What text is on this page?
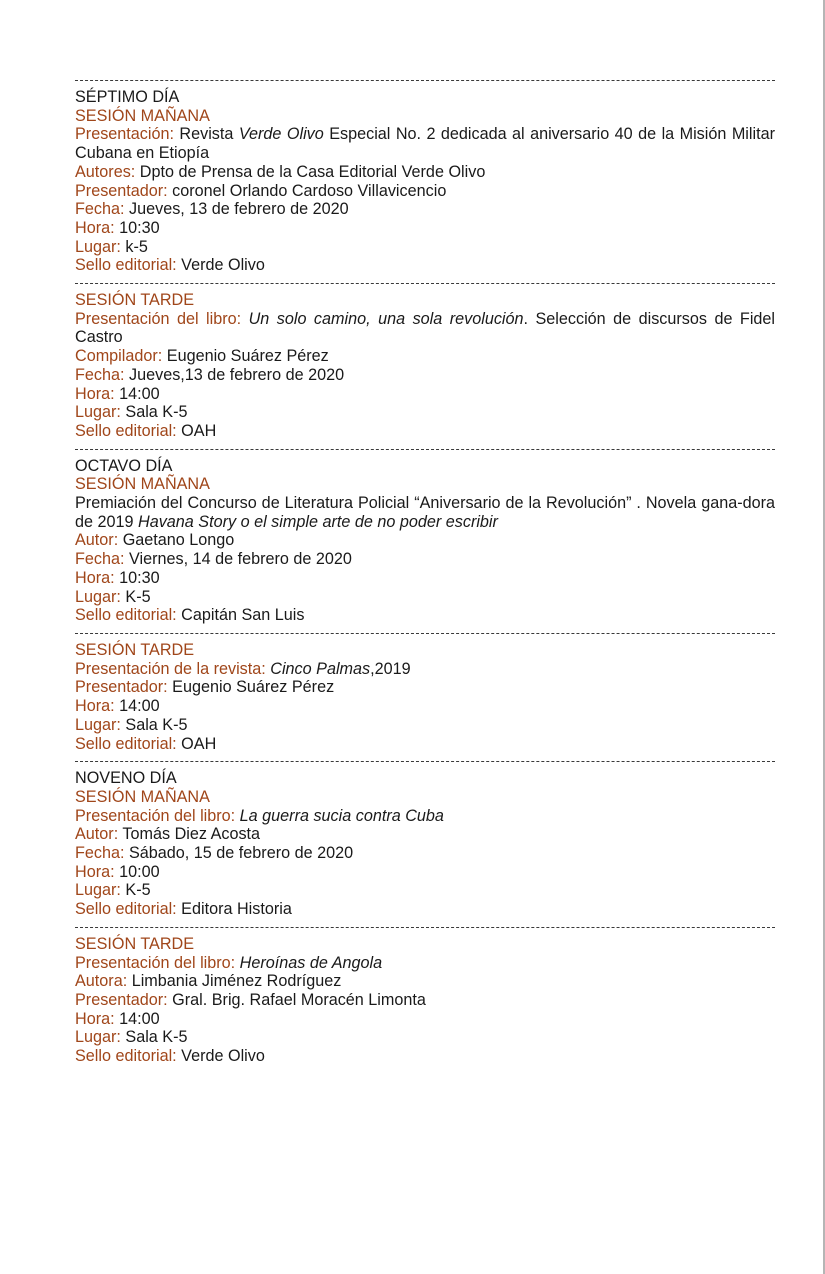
SÉPTIMO DÍA
SESIÓN MAÑANA
Presentación: Revista Verde Olivo Especial No. 2 dedicada al aniversario 40 de la Misión Militar Cubana en Etiopía
Autores: Dpto de Prensa de la Casa Editorial Verde Olivo
Presentador: coronel Orlando Cardoso Villavicencio
Fecha: Jueves, 13 de febrero de 2020
Hora: 10:30
Lugar: k-5
Sello editorial: Verde Olivo
SESIÓN TARDE
Presentación del libro: Un solo camino, una sola revolución. Selección de discursos de Fidel Castro
Compilador: Eugenio Suárez Pérez
Fecha: Jueves,13 de febrero de 2020
Hora: 14:00
Lugar: Sala K-5
Sello editorial: OAH
OCTAVO DÍA
SESIÓN MAÑANA
Premiación del Concurso de Literatura Policial “Aniversario de la Revolución” . Novela gana-dora de 2019 Havana Story o el simple arte de no poder escribir
Autor: Gaetano Longo
Fecha: Viernes, 14 de febrero de 2020
Hora: 10:30
Lugar: K-5
Sello editorial: Capitán San Luis
SESIÓN TARDE
Presentación de la revista: Cinco Palmas,2019
Presentador: Eugenio Suárez Pérez
Hora: 14:00
Lugar: Sala K-5
Sello editorial: OAH
NOVENO DÍA
SESIÓN MAÑANA
Presentación del libro: La guerra sucia contra Cuba
Autor: Tomás Diez Acosta
Fecha: Sábado, 15 de febrero de 2020
Hora: 10:00
Lugar: K-5
Sello editorial: Editora Historia
SESIÓN TARDE
Presentación del libro: Heroínas de Angola
Autora: Limbania Jiménez Rodríguez
Presentador: Gral. Brig. Rafael Moracén Limonta
Hora: 14:00
Lugar: Sala K-5
Sello editorial: Verde Olivo
